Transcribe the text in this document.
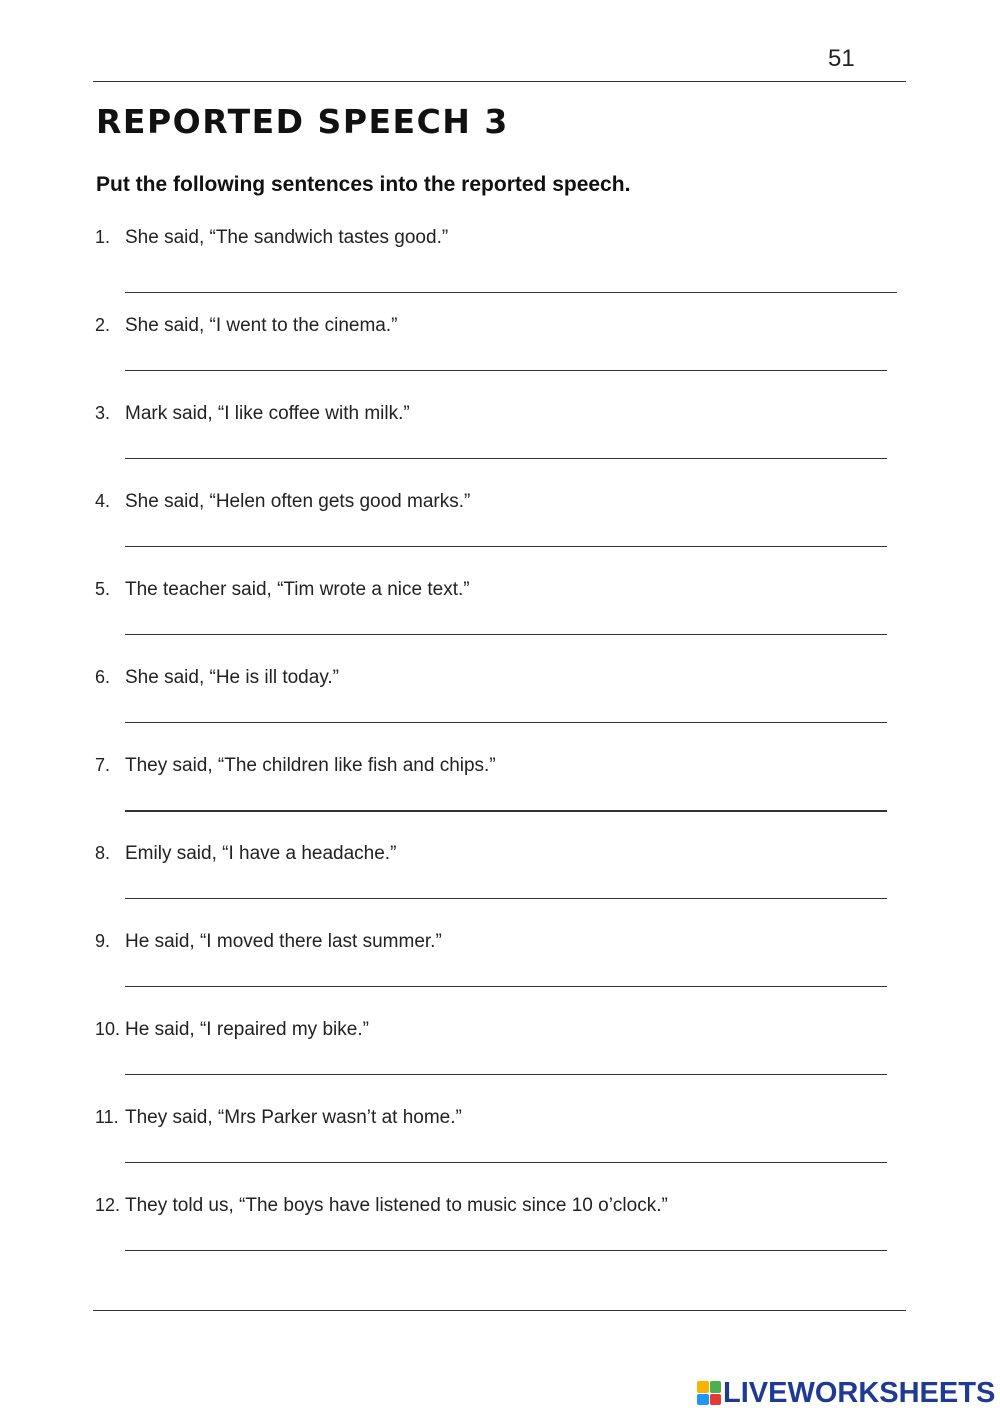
51
REPORTED SPEECH 3

Put the following sentences into the reported speech.

1. She said, “The sandwich tastes good.”
2. She said, “I went to the cinema.”
3. Mark said, “I like coffee with milk.”
4. She said, “Helen often gets good marks.”
5. The teacher said, “Tim wrote a nice text.”
6. She said, “He is ill today.”
7. They said, “The children like fish and chips.”
8. Emily said, “I have a headache.”
9. He said, “I moved there last summer.”
10. He said, “I repaired my bike.”
11. They said, “Mrs Parker wasn’t at home.”
12. They told us, “The boys have listened to music since 10 o’clock.”
LIVEWORKSHEETS
